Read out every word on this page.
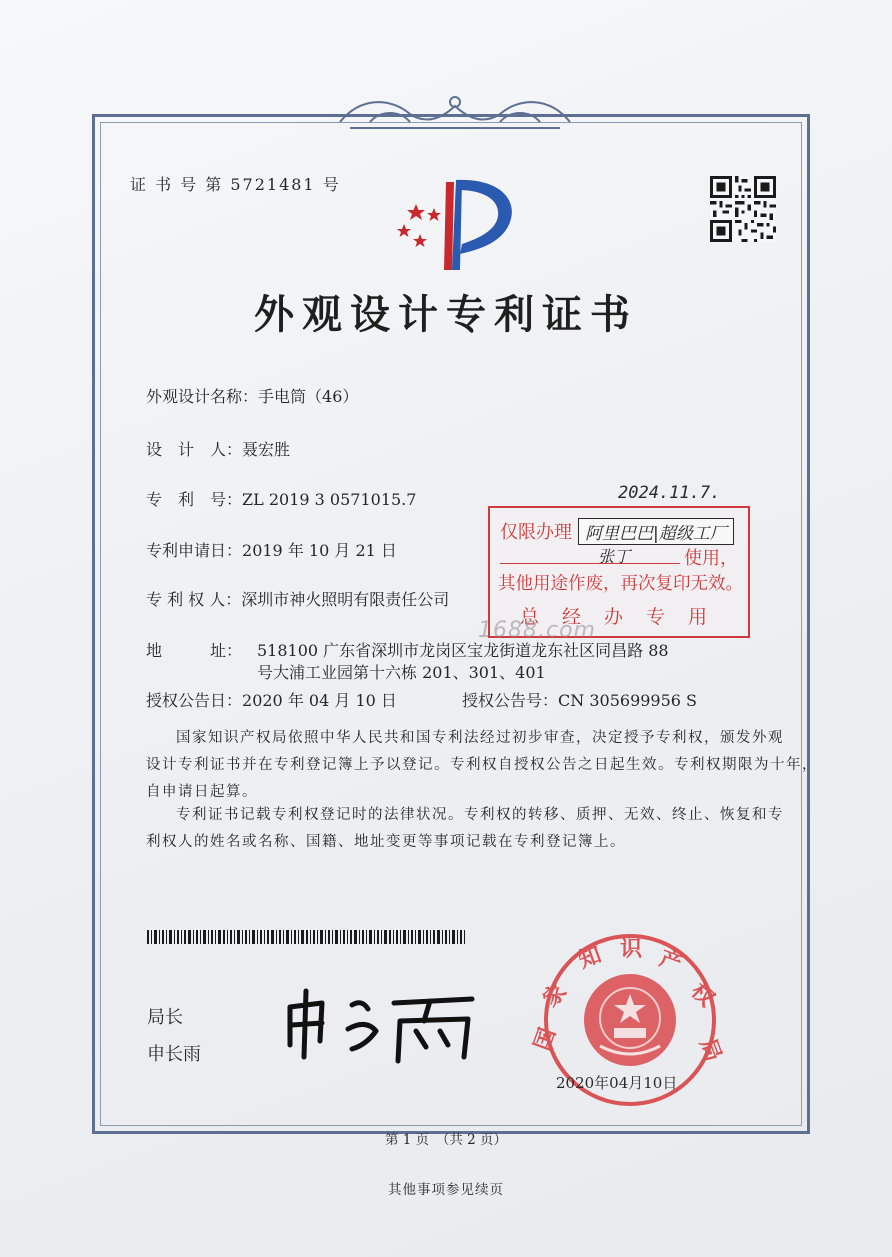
证 书 号 第 5721481 号
外观设计专利证书
外观设计名称：手电筒（46）
设　计　人：聂宏胜
专　利　号：ZL 2019 3 0571015.7
专利申请日：2019 年 10 月 21 日
专 利 权 人：深圳市神火照明有限责任公司
地　　　址： 518100 广东省深圳市龙岗区宝龙街道龙东社区同昌路 88
号大浦工业园第十六栋 201、301、401
授权公告日：2020 年 04 月 10 日	授权公告号：CN 305699956 S
国家知识产权局依照中华人民共和国专利法经过初步审查，决定授予专利权，颁发外观
设计专利证书并在专利登记簿上予以登记。专利权自授权公告之日起生效。专利权期限为十年，
自申请日起算。
专利证书记载专利权登记时的法律状况。专利权的转移、质押、无效、终止、恢复和专
利权人的姓名或名称、国籍、地址变更等事项记载在专利登记簿上。
2024.11.7.
仅限办理 阿里巴巴|超级工厂
张丁	使用，
其他用途作废，再次复印无效。
总　经　办　专　用
1688.com
国
家
知 识 产
权
局
2020年04月10日
局长
申长雨
第 1 页　（共 2 页）
其他事项参见续页
